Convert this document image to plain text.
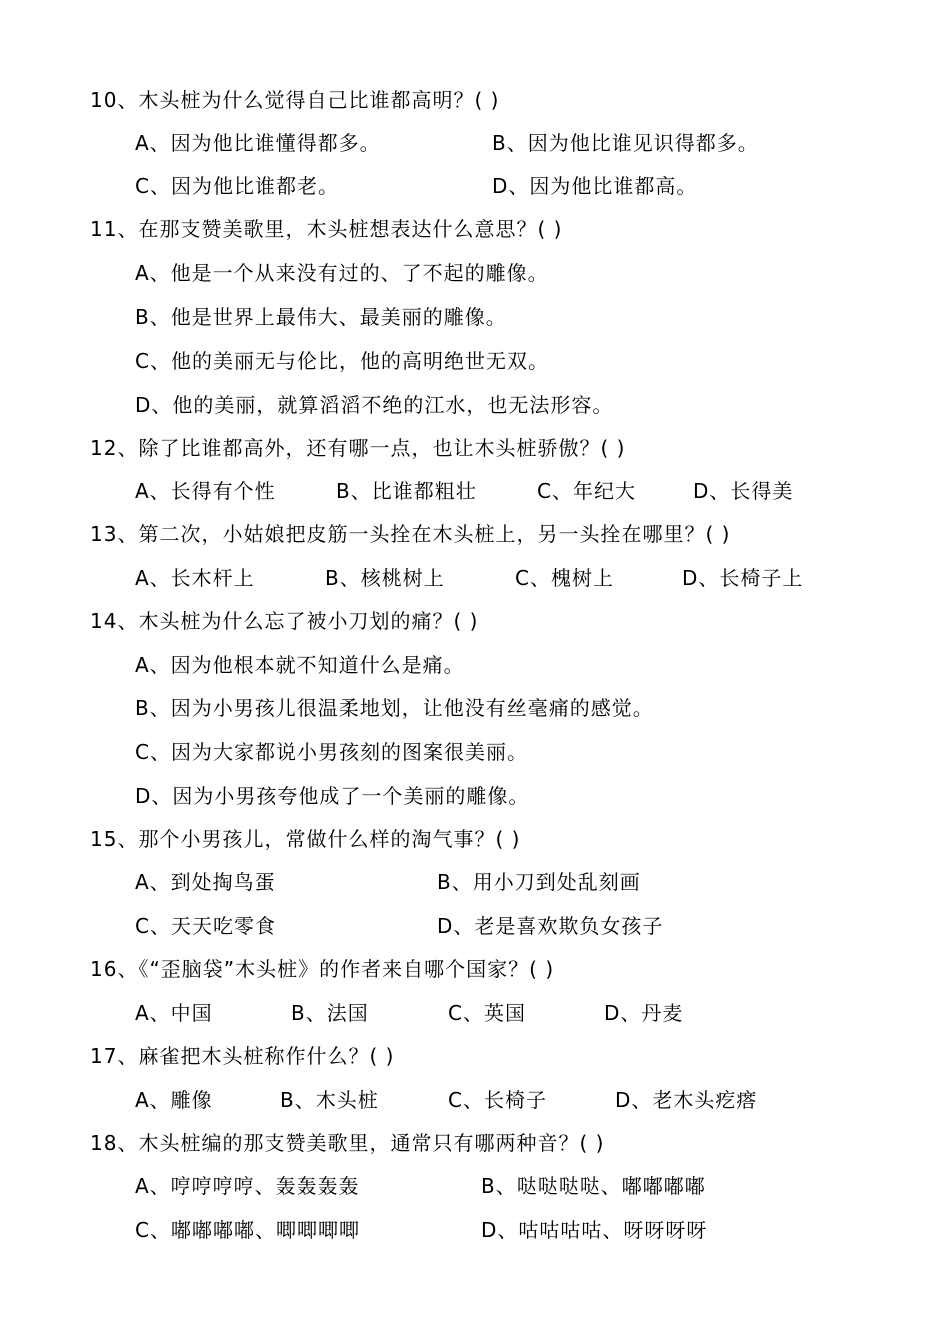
10、木头桩为什么觉得自己比谁都高明？( )
A、因为他比谁懂得都多。	B、因为他比谁见识得都多。
C、因为他比谁都老。	D、因为他比谁都高。
11、在那支赞美歌里，木头桩想表达什么意思？( )
A、他是一个从来没有过的、了不起的雕像。
B、他是世界上最伟大、最美丽的雕像。
C、他的美丽无与伦比，他的高明绝世无双。
D、他的美丽，就算滔滔不绝的江水，也无法形容。
12、除了比谁都高外，还有哪一点，也让木头桩骄傲？( )
A、长得有个性	B、比谁都粗壮	C、年纪大	D、长得美
13、第二次，小姑娘把皮筋一头拴在木头桩上，另一头拴在哪里？( )
A、长木杆上	B、核桃树上	C、槐树上	D、长椅子上
14、木头桩为什么忘了被小刀划的痛？( )
A、因为他根本就不知道什么是痛。
B、因为小男孩儿很温柔地划，让他没有丝毫痛的感觉。
C、因为大家都说小男孩刻的图案很美丽。
D、因为小男孩夸他成了一个美丽的雕像。
15、那个小男孩儿，常做什么样的淘气事？( )
A、到处掏鸟蛋	B、用小刀到处乱刻画
C、天天吃零食	D、老是喜欢欺负女孩子
16、《“歪脑袋”木头桩》的作者来自哪个国家？( )
A、中国	B、法国	C、英国	D、丹麦
17、麻雀把木头桩称作什么？( )
A、雕像	B、木头桩	C、长椅子	D、老木头疙瘩
18、木头桩编的那支赞美歌里，通常只有哪两种音？( )
A、哼哼哼哼、轰轰轰轰	B、哒哒哒哒、嘟嘟嘟嘟
C、嘟嘟嘟嘟、唧唧唧唧	D、咕咕咕咕、呀呀呀呀
